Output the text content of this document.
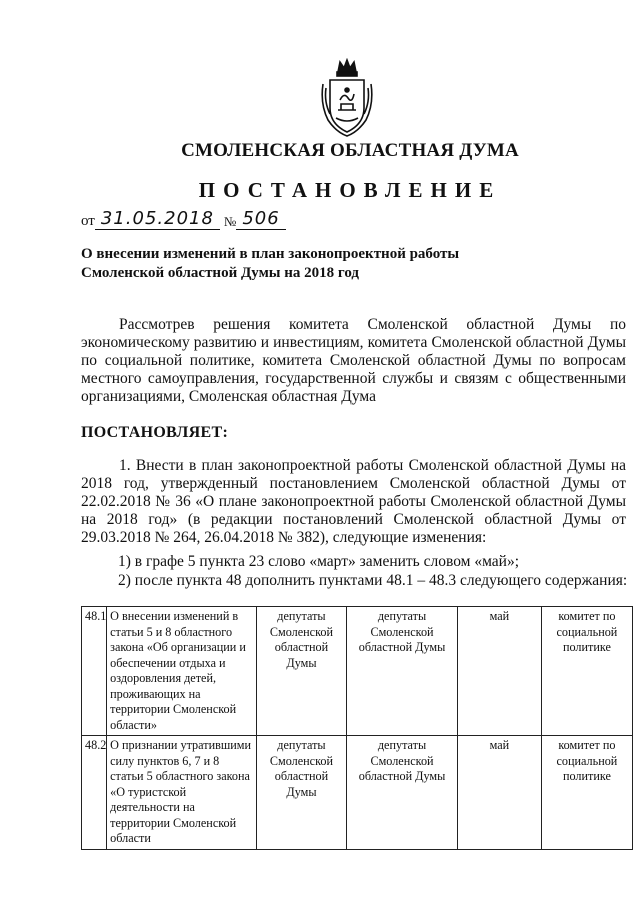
СМОЛЕНСКАЯ ОБЛАСТНАЯ ДУМА
ПОСТАНОВЛЕНИЕ
от 31.05.2018 № 506
О внесении изменений в план законопроектной работы
Смоленской областной Думы на 2018 год
Рассмотрев решения комитета Смоленской областной Думы по экономическому развитию и инвестициям, комитета Смоленской областной Думы по социальной политике, комитета Смоленской областной Думы по вопросам местного самоуправления, государственной службы и связям с общественными организациями, Смоленская областная Дума
ПОСТАНОВЛЯЕТ:
1. Внести в план законопроектной работы Смоленской областной Думы на 2018 год, утвержденный постановлением Смоленской областной Думы от 22.02.2018 № 36 «О плане законопроектной работы Смоленской областной Думы на 2018 год» (в редакции постановлений Смоленской областной Думы от 29.03.2018 № 264, 26.04.2018 № 382), следующие изменения:
1) в графе 5 пункта 23 слово «март» заменить словом «май»;
2) после пункта 48 дополнить пунктами 48.1 – 48.3 следующего содержания:
48.1	О внесении изменений в статьи 5 и 8 областного закона «Об организации и обеспечении отдыха и оздоровления детей, проживающих на территории Смоленской области»	депутаты Смоленской областной Думы	депутаты Смоленской областной Думы	май	комитет по социальной политике
48.2	О признании утратившими силу пунктов 6, 7 и 8 статьи 5 областного закона «О туристской деятельности на территории Смоленской области	депутаты Смоленской областной Думы	депутаты Смоленской областной Думы	май	комитет по социальной политике
